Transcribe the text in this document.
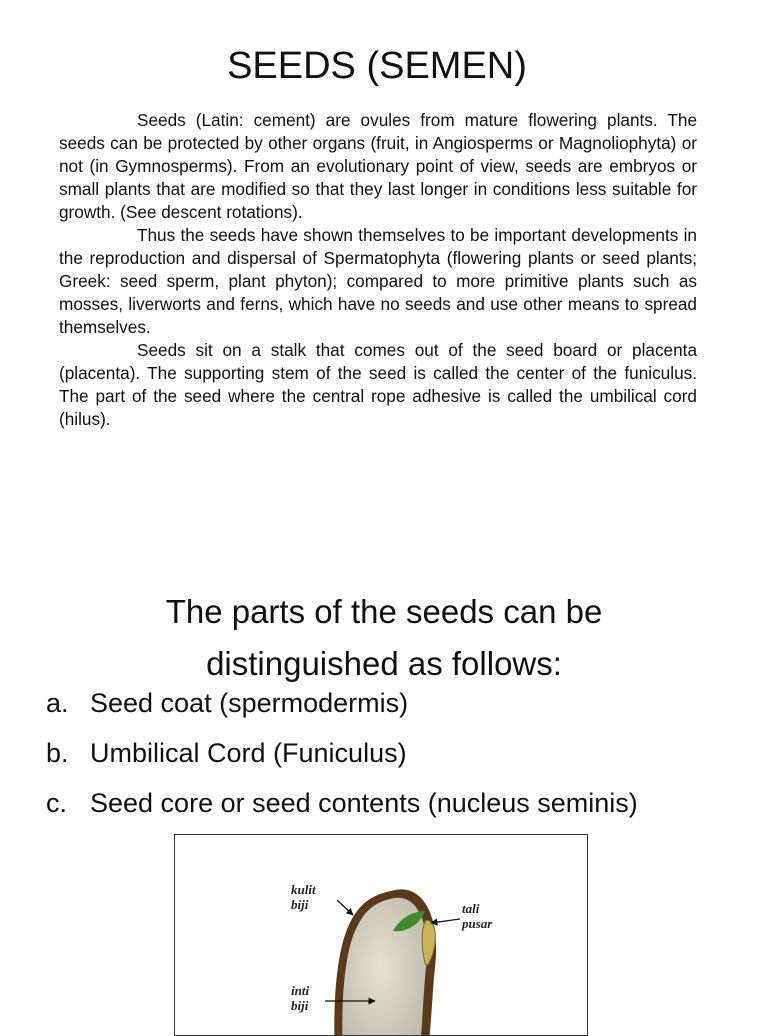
SEEDS (SEMEN)

Seeds (Latin: cement) are ovules from mature flowering plants. The seeds can be protected by other organs (fruit, in Angiosperms or Magnoliophyta) or not (in Gymnosperms). From an evolutionary point of view, seeds are embryos or small plants that are modified so that they last longer in conditions less suitable for growth. (See descent rotations).

Thus the seeds have shown themselves to be important developments in the reproduction and dispersal of Spermatophyta (flowering plants or seed plants; Greek: seed sperm, plant phyton); compared to more primitive plants such as mosses, liverworts and ferns, which have no seeds and use other means to spread themselves.

Seeds sit on a stalk that comes out of the seed board or placenta (placenta). The supporting stem of the seed is called the center of the funiculus. The part of the seed where the central rope adhesive is called the umbilical cord (hilus).

The parts of the seeds can be
distinguished as follows:
a. Seed coat (spermodermis)
b. Umbilical Cord (Funiculus)
c. Seed core or seed contents (nucleus seminis)
kulit
biji	tali
pusar
inti
biji
